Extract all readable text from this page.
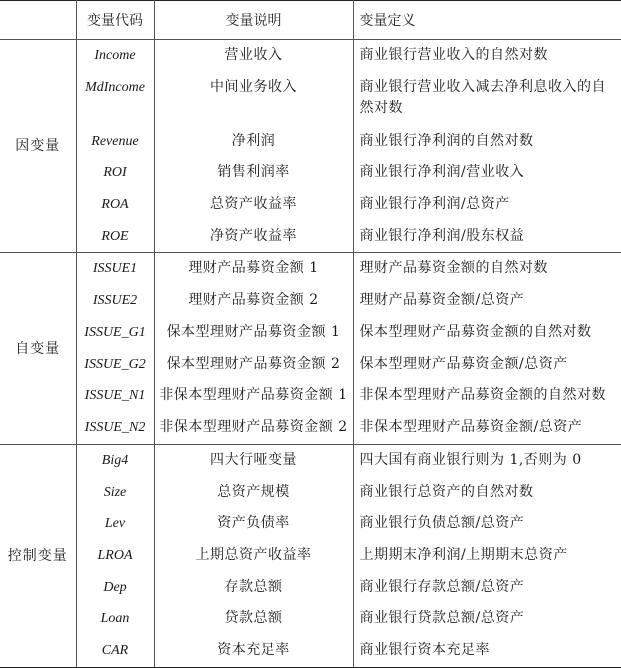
	变量代码	变量说明	变量定义
因变量	Income	营业收入	商业银行营业收入的自然对数
	MdIncome	中间业务收入	商业银行营业收入减去净利息收入的自然对数
	Revenue	净利润	商业银行净利润的自然对数
	ROI	销售利润率	商业银行净利润/营业收入
	ROA	总资产收益率	商业银行净利润/总资产
	ROE	净资产收益率	商业银行净利润/股东权益
自变量	ISSUE1	理财产品募资金额 1	理财产品募资金额的自然对数
	ISSUE2	理财产品募资金额 2	理财产品募资金额/总资产
	ISSUE_G1	保本型理财产品募资金额 1	保本型理财产品募资金额的自然对数
	ISSUE_G2	保本型理财产品募资金额 2	保本型理财产品募资金额/总资产
	ISSUE_N1	非保本型理财产品募资金额 1	非保本型理财产品募资金额的自然对数
	ISSUE_N2	非保本型理财产品募资金额 2	非保本型理财产品募资金额/总资产
控制变量	Big4	四大行哑变量	四大国有商业银行则为 1,否则为 0
	Size	总资产规模	商业银行总资产的自然对数
	Lev	资产负债率	商业银行负债总额/总资产
	LROA	上期总资产收益率	上期期末净利润/上期期末总资产
	Dep	存款总额	商业银行存款总额/总资产
	Loan	贷款总额	商业银行贷款总额/总资产
	CAR	资本充足率	商业银行资本充足率
